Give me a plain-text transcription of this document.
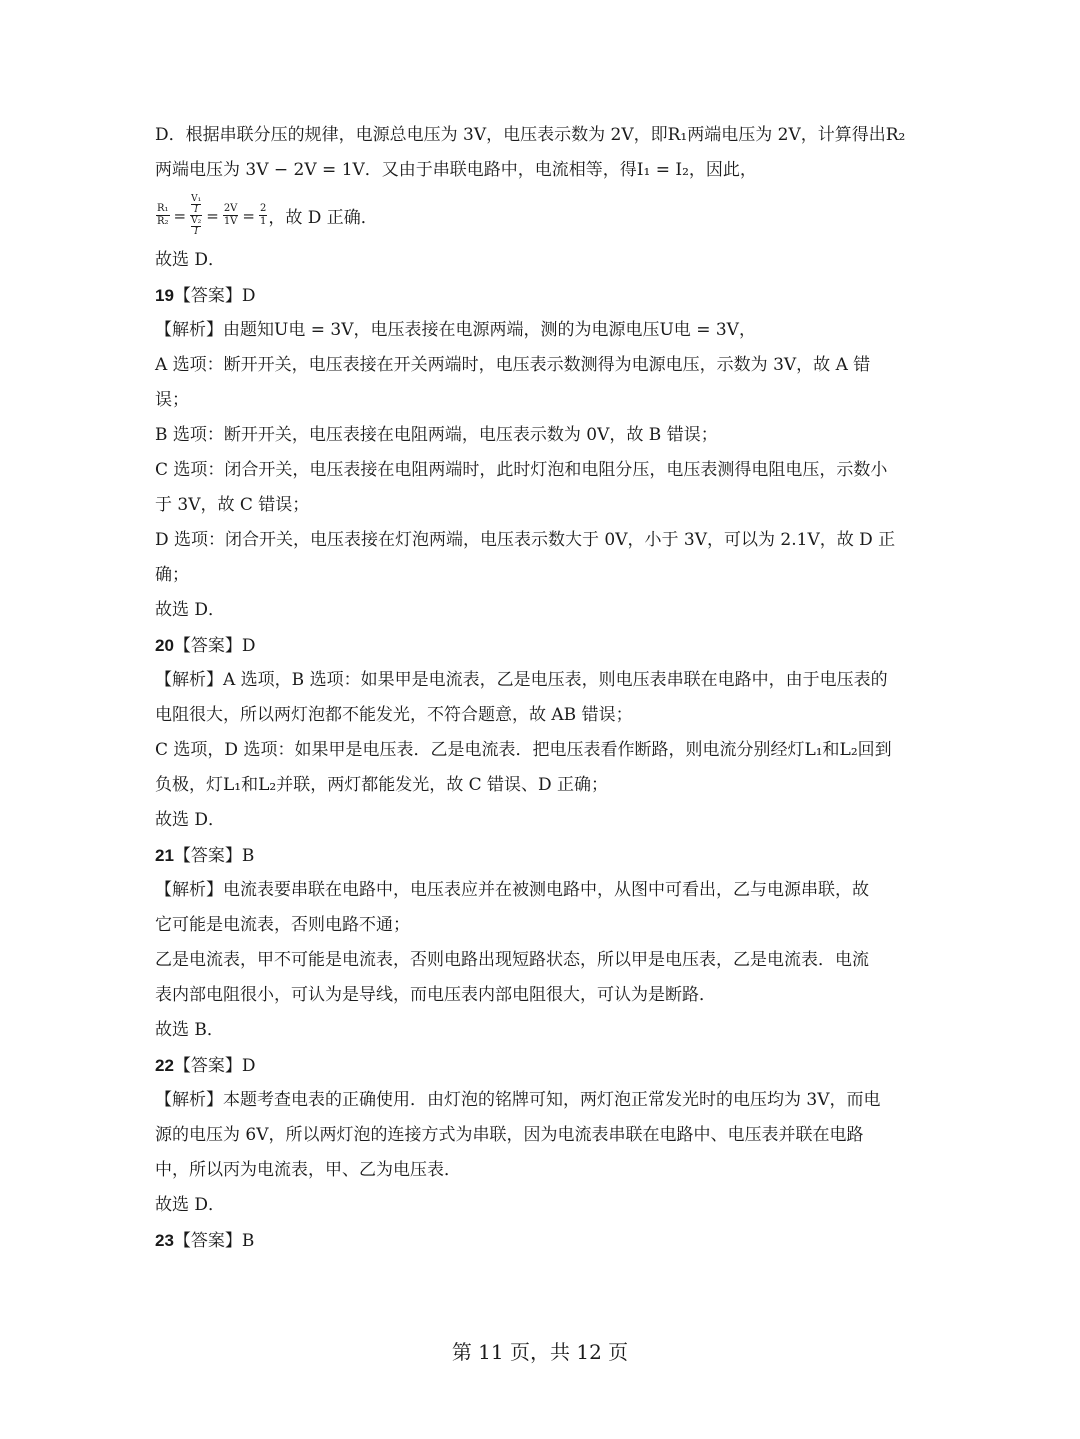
D．根据串联分压的规律，电源总电压为 3V，电压表示数为 2V，即R₁两端电压为 2V，计算得出R₂
两端电压为 3V − 2V = 1V．又由于串联电路中，电流相等，得I₁ = I₂，因此，
$\frac{\text{R₁}}{\text{R₂}} = V_1$
I
V₂
$I = \frac{2V}{1V} = \frac{2}{1}$ ，故 D 正确．
故选 D．
19【答案】D
【解析】由题知U电 = 3V，电压表接在电源两端，测的为电源电压U电 = 3V，
A 选项：断开开关，电压表接在开关两端时，电压表示数测得为电源电压，示数为 3V，故 A 错
误；
B 选项：断开开关，电压表接在电阻两端，电压表示数为 0V，故 B 错误；
C 选项：闭合开关，电压表接在电阻两端时，此时灯泡和电阻分压，电压表测得电阻电压，示数小
于 3V，故 C 错误；
D 选项：闭合开关，电压表接在灯泡两端，电压表示数大于 0V，小于 3V，可以为 2.1V，故 D 正
确；
故选 D．
20【答案】D
【解析】A 选项，B 选项：如果甲是电流表，乙是电压表，则电压表串联在电路中，由于电压表的
电阻很大，所以两灯泡都不能发光，不符合题意，故 AB 错误；
C 选项，D 选项：如果甲是电压表．乙是电流表．把电压表看作断路，则电流分别经灯L₁和L₂回到
负极，灯L₁和L₂并联，两灯都能发光，故 C 错误、D 正确；
故选 D．
21【答案】B
【解析】电流表要串联在电路中，电压表应并在被测电路中，从图中可看出，乙与电源串联，故
它可能是电流表，否则电路不通；
乙是电流表，甲不可能是电流表，否则电路出现短路状态，所以甲是电压表，乙是电流表．电流
表内部电阻很小，可认为是导线，而电压表内部电阻很大，可认为是断路．
故选 B．
22【答案】D
【解析】本题考查电表的正确使用．由灯泡的铭牌可知，两灯泡正常发光时的电压均为 3V，而电
源的电压为 6V，所以两灯泡的连接方式为串联，因为电流表串联在电路中、电压表并联在电路
中，所以丙为电流表，甲、乙为电压表．
故选 D．
23【答案】B
第 11 页，共 12 页
